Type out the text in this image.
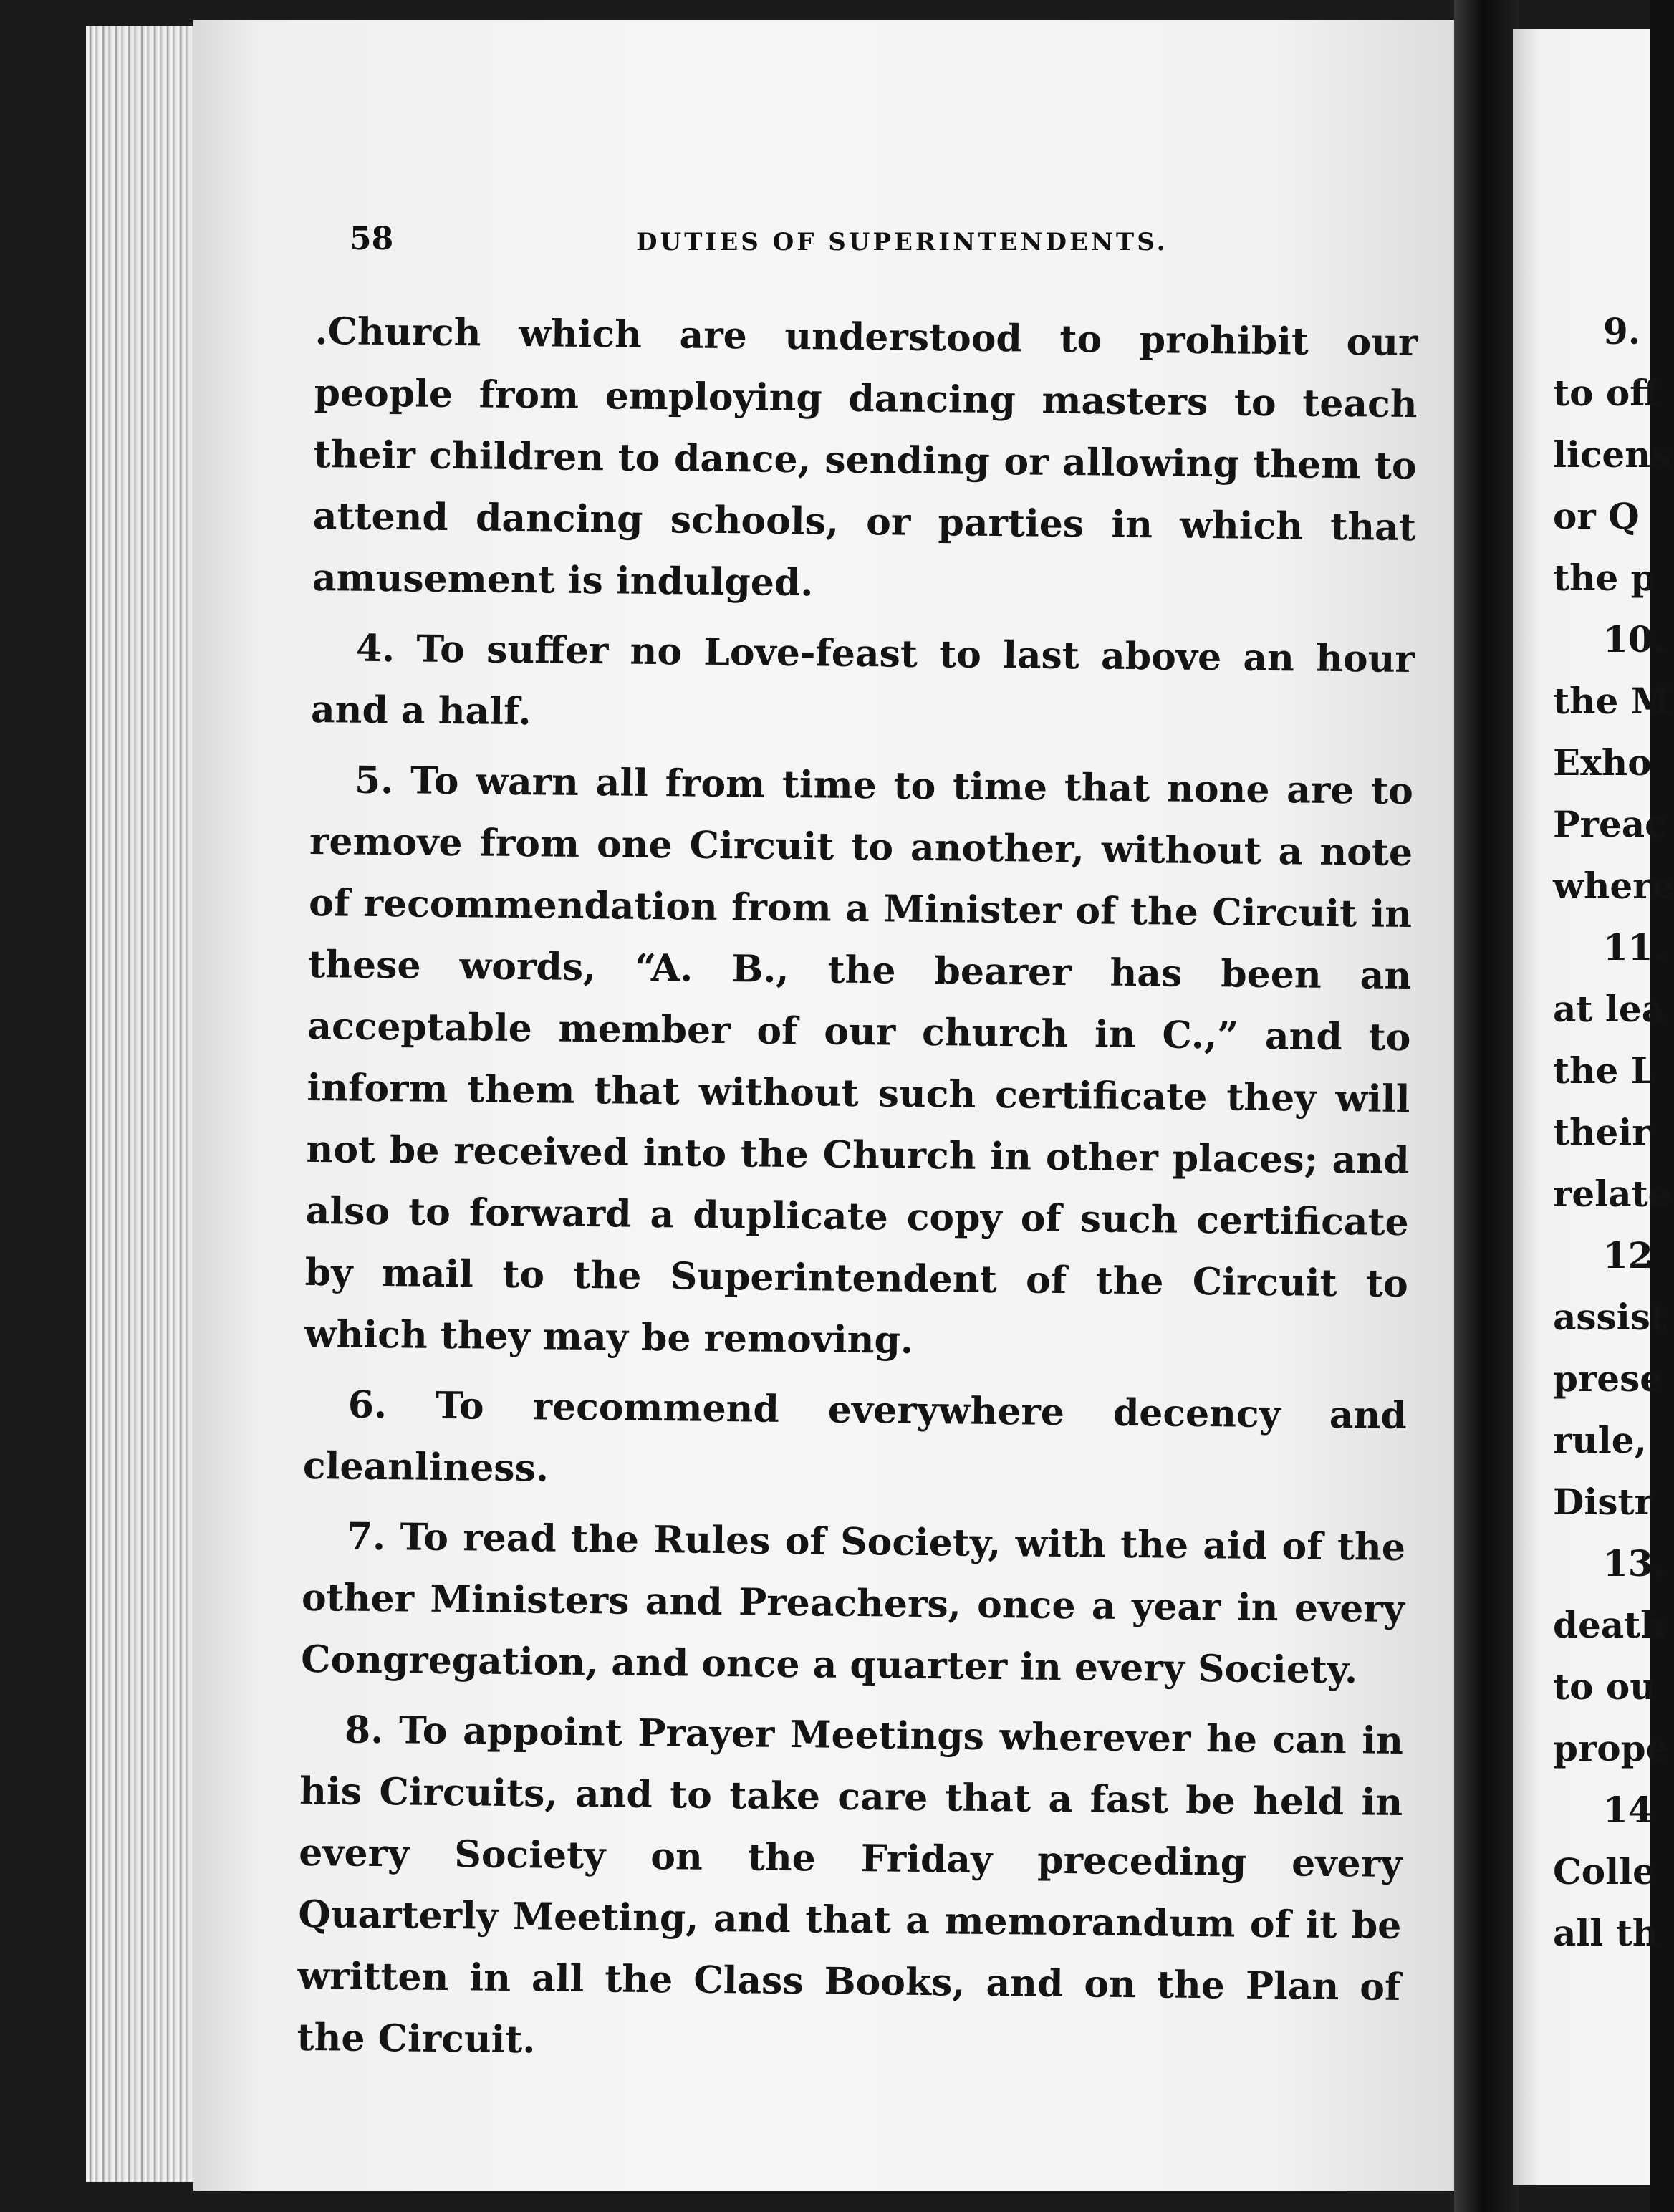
58	DUTIES OF SUPERINTENDENTS.

.Church which are understood to prohibit our people from employing dancing masters to teach their children to dance, sending or allowing them to attend dancing schools, or parties in which that amusement is indulged.

4. To suffer no Love-feast to last above an hour and a half.

5. To warn all from time to time that none are to remove from one Circuit to another, without a note of recommendation from a Minister of the Circuit in these words, “A. B., the bearer has been an acceptable member of our church in C.,” and to inform them that without such certificate they will not be received into the Church in other places; and also to forward a duplicate copy of such certificate by mail to the Superintendent of the Circuit to which they may be removing.

6. To recommend everywhere decency and cleanliness.

7. To read the Rules of Society, with the aid of the other Ministers and Preachers, once a year in every Congregation, and once a quarter in every Society.

8. To appoint Prayer Meetings wherever he can in his Circuits, and to take care that a fast be held in every Society on the Friday preceding every Quarterly Meeting, and that a memorandum of it be written in all the Class Books, and on the Plan of the Circuit.

9.
to off
licens
or Q
the p
10.
the M
Exho
Preac
where
11.
at lea
the L
their
relate
12
assist
prese
rule,
Distr
13.
death
to ou
prope
14
Colle
all th
